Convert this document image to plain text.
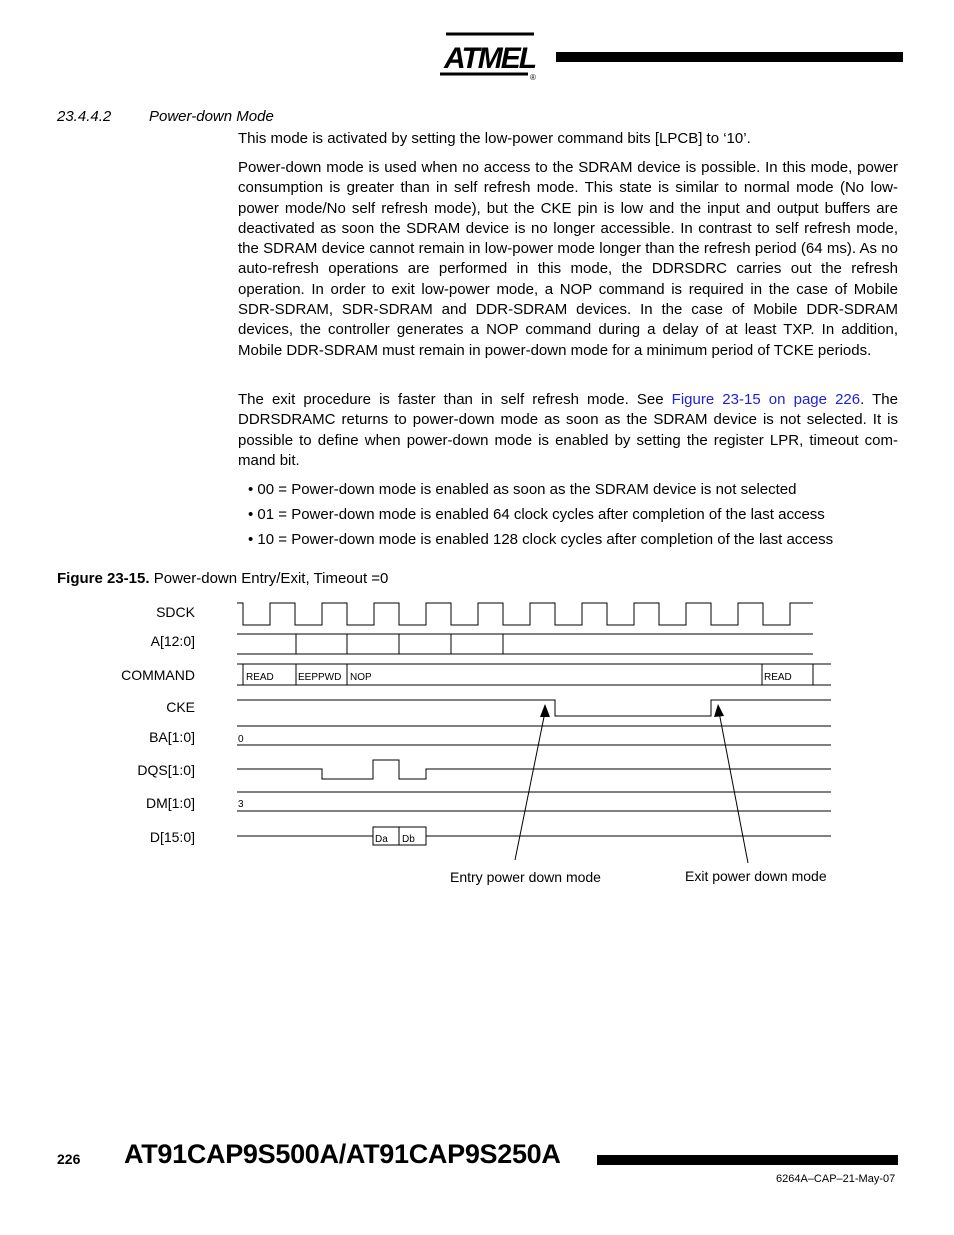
ATMEL
®
23.4.4.2	Power-down Mode
This mode is activated by setting the low-power command bits [LPCB] to ‘10’.
Power-down mode is used when no access to the SDRAM device is possible. In this mode, power consumption is greater than in self refresh mode. This state is similar to normal mode (No low-power mode/No self refresh mode), but the CKE pin is low and the input and output buffers are deactivated as soon the SDRAM device is no longer accessible. In contrast to self refresh mode, the SDRAM device cannot remain in low-power mode longer than the refresh period (64 ms). As no auto-refresh operations are performed in this mode, the DDRSDRC carries out the refresh operation. In order to exit low-power mode, a NOP command is required in the case of Mobile SDR-SDRAM, SDR-SDRAM and DDR-SDRAM devices. In the case of Mobile DDR-SDRAM devices, the controller generates a NOP command during a delay of at least TXP. In addition, Mobile DDR-SDRAM must remain in power-down mode for a minimum period of TCKE periods.
The exit procedure is faster than in self refresh mode. See Figure 23-15 on page 226. The DDRSDRAMC returns to power-down mode as soon as the SDRAM device is not selected. It is possible to define when power-down mode is enabled by setting the register LPR, timeout com-mand bit.
• 00 = Power-down mode is enabled as soon as the SDRAM device is not selected
• 01 = Power-down mode is enabled 64 clock cycles after completion of the last access
• 10 = Power-down mode is enabled 128 clock cycles after completion of the last access
Figure 23-15. Power-down Entry/Exit, Timeout =0
SDCK
A[12:0]
COMMAND
CKE
BA[1:0]
DQS[1:0]
DM[1:0]
D[15:0]
READ EEPPWD NOP	READ
0
3
Da Db
Entry power down mode	Exit power down mode
226 AT91CAP9S500A/AT91CAP9S250A
6264A–CAP–21-May-07
